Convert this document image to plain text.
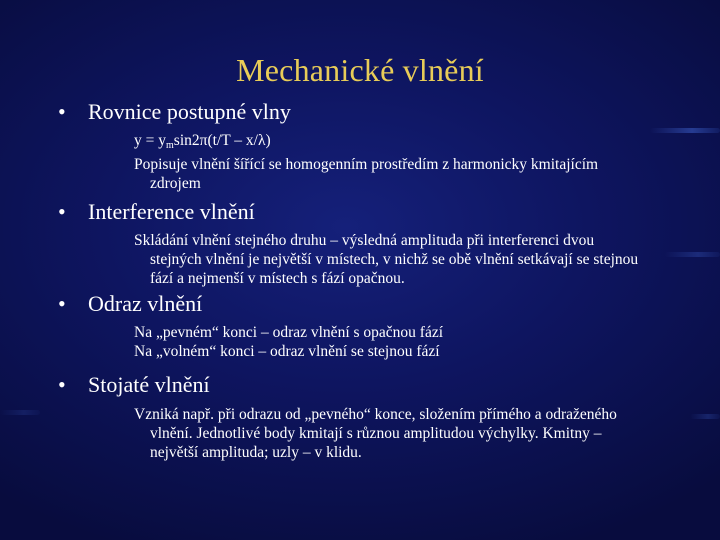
Mechanické vlnění
• Rovnice postupné vlny

$y = y_m\sin 2\pi(t/T - x/\lambda)$

Popisuje vlnění šířící se homogenním prostředím z harmonicky kmitajícím zdrojem

• Interference vlnění

Skládání vlnění stejného druhu – výsledná amplituda při interferenci dvou stejných vlnění je největší v místech, v nichž se obě vlnění setkávají se stejnou fází a nejmenší v místech s fází opačnou.

• Odraz vlnění

Na „pevném“ konci – odraz vlnění s opačnou fází

Na „volném“ konci – odraz vlnění se stejnou fází

• Stojaté vlnění

Vzniká např. při odrazu od „pevného“ konce, složením přímého a odraženého vlnění. Jednotlivé body kmitají s různou amplitudou výchylky. Kmitny – největší amplituda; uzly – v klidu.
